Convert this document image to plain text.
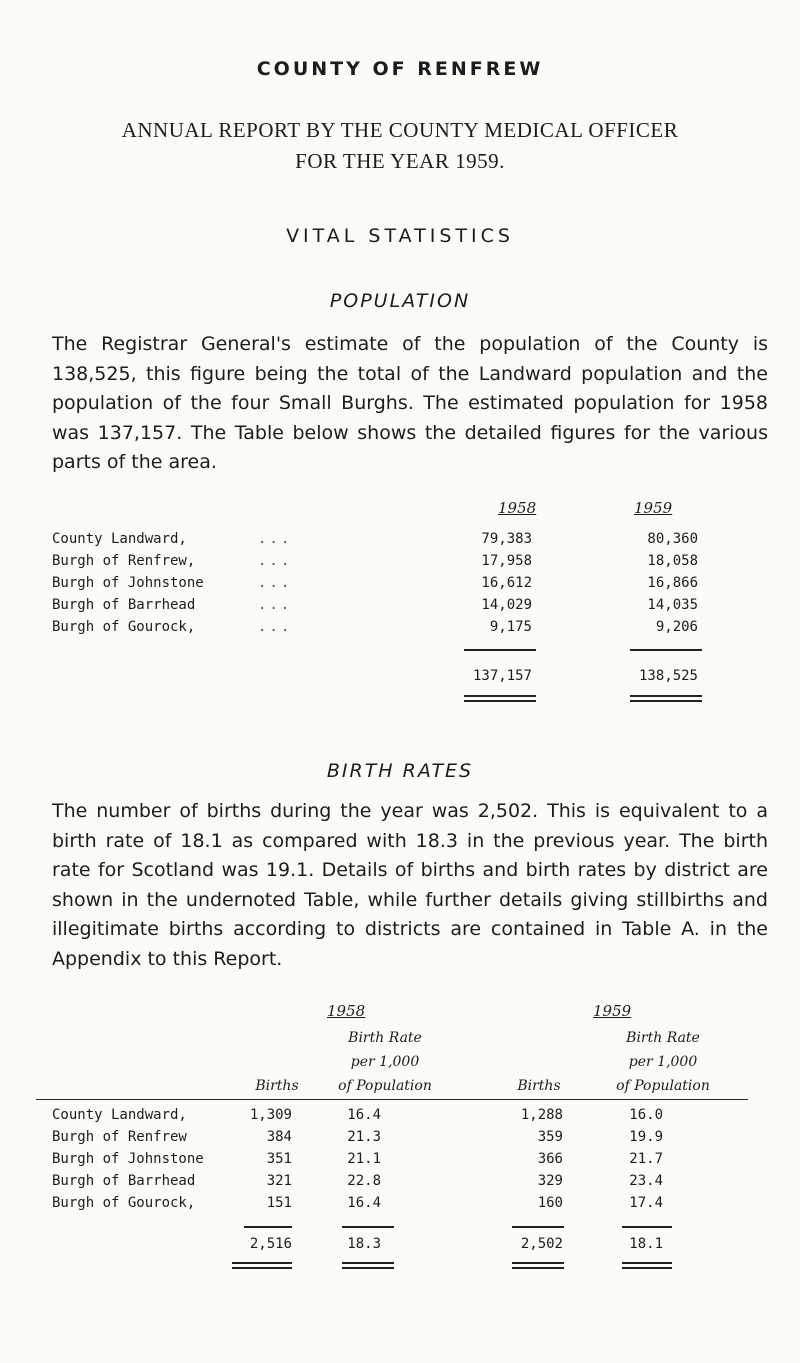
COUNTY OF RENFREW
ANNUAL REPORT BY THE COUNTY MEDICAL OFFICER
FOR THE YEAR 1959.
VITAL STATISTICS
POPULATION

The Registrar General's estimate of the population of the County is 138,525, this figure being the total of the Landward population and the population of the four Small Burghs. The estimated population for 1958 was 137,157. The Table below shows the detailed figures for the various parts of the area.

1958	1959
County Landward,	...	79,383	80,360
Burgh of Renfrew,	...	17,958	18,058
Burgh of Johnstone	...	16,612	16,866
Burgh of Barrhead	...	14,029	14,035
Burgh of Gourock,	...	9,175	9,206
137,157	138,525
BIRTH RATES

The number of births during the year was 2,502. This is equivalent to a birth rate of 18.1 as compared with 18.3 in the previous year. The birth rate for Scotland was 19.1. Details of births and birth rates by district are shown in the undernoted Table, while further details giving stillbirths and illegitimate births according to districts are contained in Table A. in the Appendix to this Report.

1958	1959
Births
Birth Rate
per 1,000
of Population	Births
Birth Rate
per 1,000
of Population
County Landward,	1,309	16.4	1,288	16.0
Burgh of Renfrew	384	21.3	359	19.9
Burgh of Johnstone	351	21.1	366	21.7
Burgh of Barrhead	321	22.8	329	23.4
Burgh of Gourock,	151	16.4	160	17.4
2,516	18.3	2,502	18.1
